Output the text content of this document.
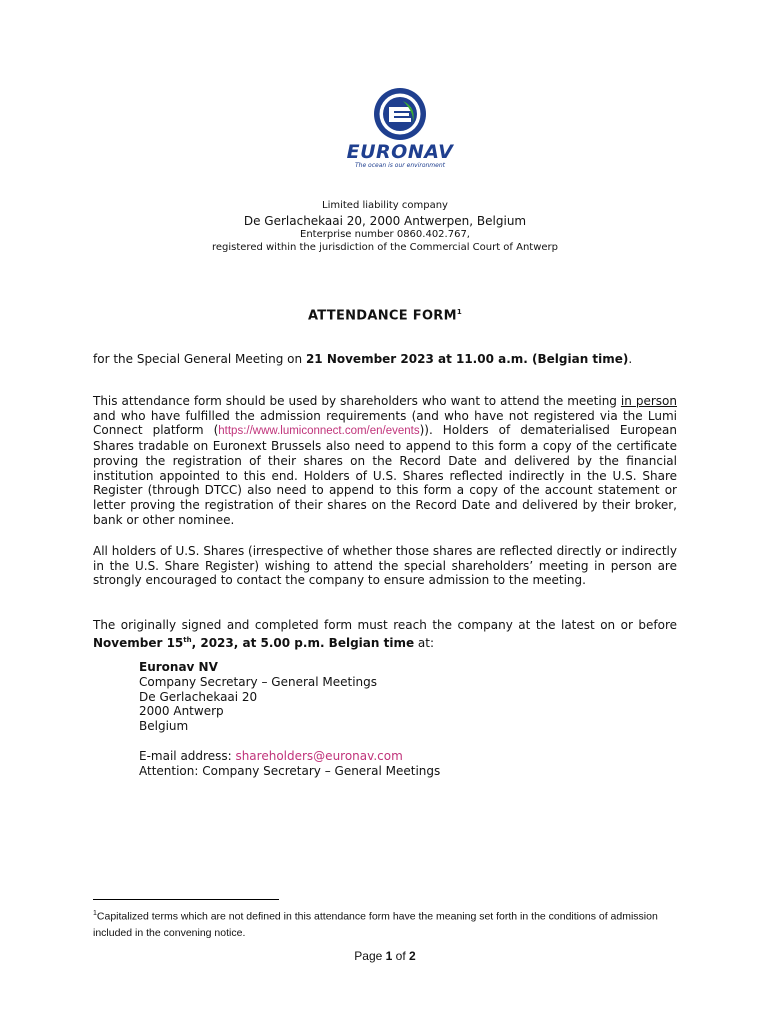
EURONAV
The ocean is our environment
Limited liability company
De Gerlachekaai 20, 2000 Antwerpen, Belgium
Enterprise number 0860.402.767,
registered within the jurisdiction of the Commercial Court of Antwerp
ATTENDANCE FORM$^1$
for the Special General Meeting on 21 November 2023 at 11.00 a.m. (Belgian time).
This attendance form should be used by shareholders who want to attend the meeting in person and who have fulfilled the admission requirements (and who have not registered via the Lumi Connect platform (https://www.lumiconnect.com/en/events)). Holders of dematerialised European Shares tradable on Euronext Brussels also need to append to this form a copy of the certificate proving the registration of their shares on the Record Date and delivered by the financial institution appointed to this end. Holders of U.S. Shares reflected indirectly in the U.S. Share Register (through DTCC) also need to append to this form a copy of the account statement or letter proving the registration of their shares on the Record Date and delivered by their broker, bank or other nominee.
All holders of U.S. Shares (irrespective of whether those shares are reflected directly or indirectly in the U.S. Share Register) wishing to attend the special shareholders’ meeting in person are strongly encouraged to contact the company to ensure admission to the meeting.
The originally signed and completed form must reach the company at the latest on or before November 15th, 2023, at 5.00 p.m. Belgian time at:
Euronav NV
Company Secretary – General Meetings
De Gerlachekaai 20
2000 Antwerp
Belgium
E-mail address: shareholders@euronav.com
Attention: Company Secretary – General Meetings
$^1$Capitalized terms which are not defined in this attendance form have the meaning set forth in the conditions of admission included in the convening notice.
Page 1 of 2
